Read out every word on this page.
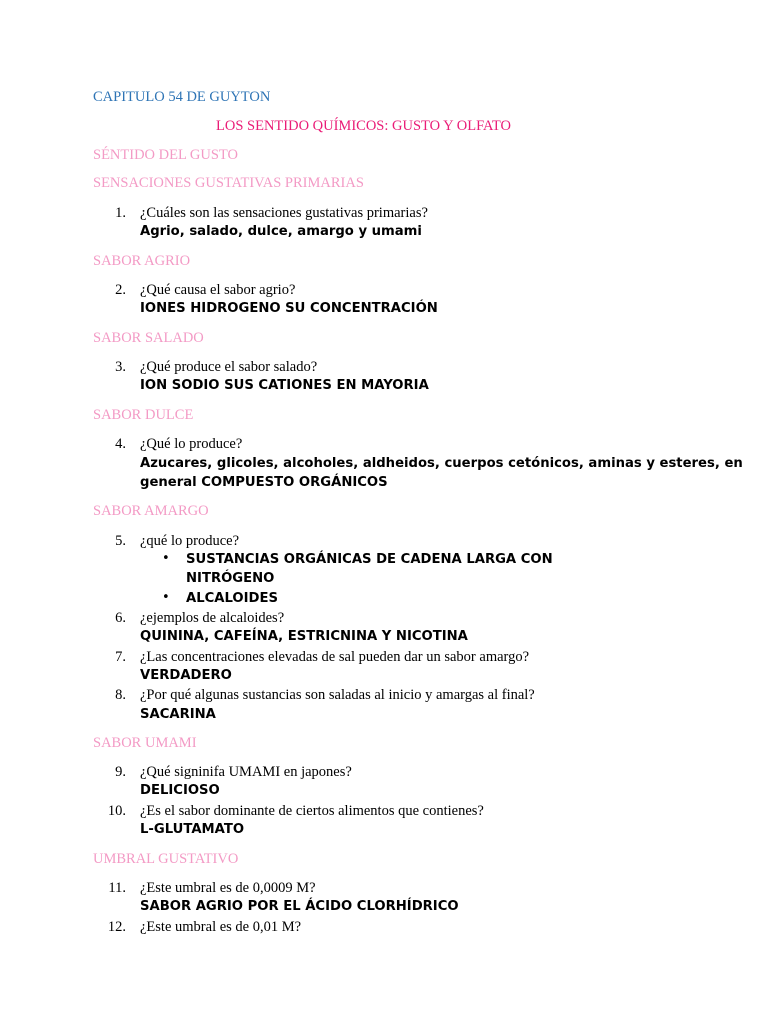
CAPITULO 54 DE GUYTON
LOS SENTIDO QUÍMICOS: GUSTO Y OLFATO
SÉNTIDO DEL GUSTO
SENSACIONES GUSTATIVAS PRIMARIAS
1. ¿Cuáles son las sensaciones gustativas primarias?
Agrio, salado, dulce, amargo y umami
SABOR AGRIO
2. ¿Qué causa el sabor agrio?
IONES HIDROGENO SU CONCENTRACIÓN
SABOR SALADO
3. ¿Qué produce el sabor salado?
ION SODIO SUS CATIONES EN MAYORIA
SABOR DULCE
4. ¿Qué lo produce?
Azucares, glicoles, alcoholes, aldheidos, cuerpos cetónicos, aminas y esteres, en
general COMPUESTO ORGÁNICOS
SABOR AMARGO
5. ¿qué lo produce?
• SUSTANCIAS ORGÁNICAS DE CADENA LARGA CON
NITRÓGENO
• ALCALOIDES
6. ¿ejemplos de alcaloides?
QUININA, CAFEÍNA, ESTRICNINA Y NICOTINA
7. ¿Las concentraciones elevadas de sal pueden dar un sabor amargo?
VERDADERO
8. ¿Por qué algunas sustancias son saladas al inicio y amargas al final?
SACARINA
SABOR UMAMI
9. ¿Qué signinifa UMAMI en japones?
DELICIOSO
10. ¿Es el sabor dominante de ciertos alimentos que contienes?
L-GLUTAMATO
UMBRAL GUSTATIVO
11. ¿Este umbral es de 0,0009 M?
SABOR AGRIO POR EL ÁCIDO CLORHÍDRICO
12. ¿Este umbral es de 0,01 M?
